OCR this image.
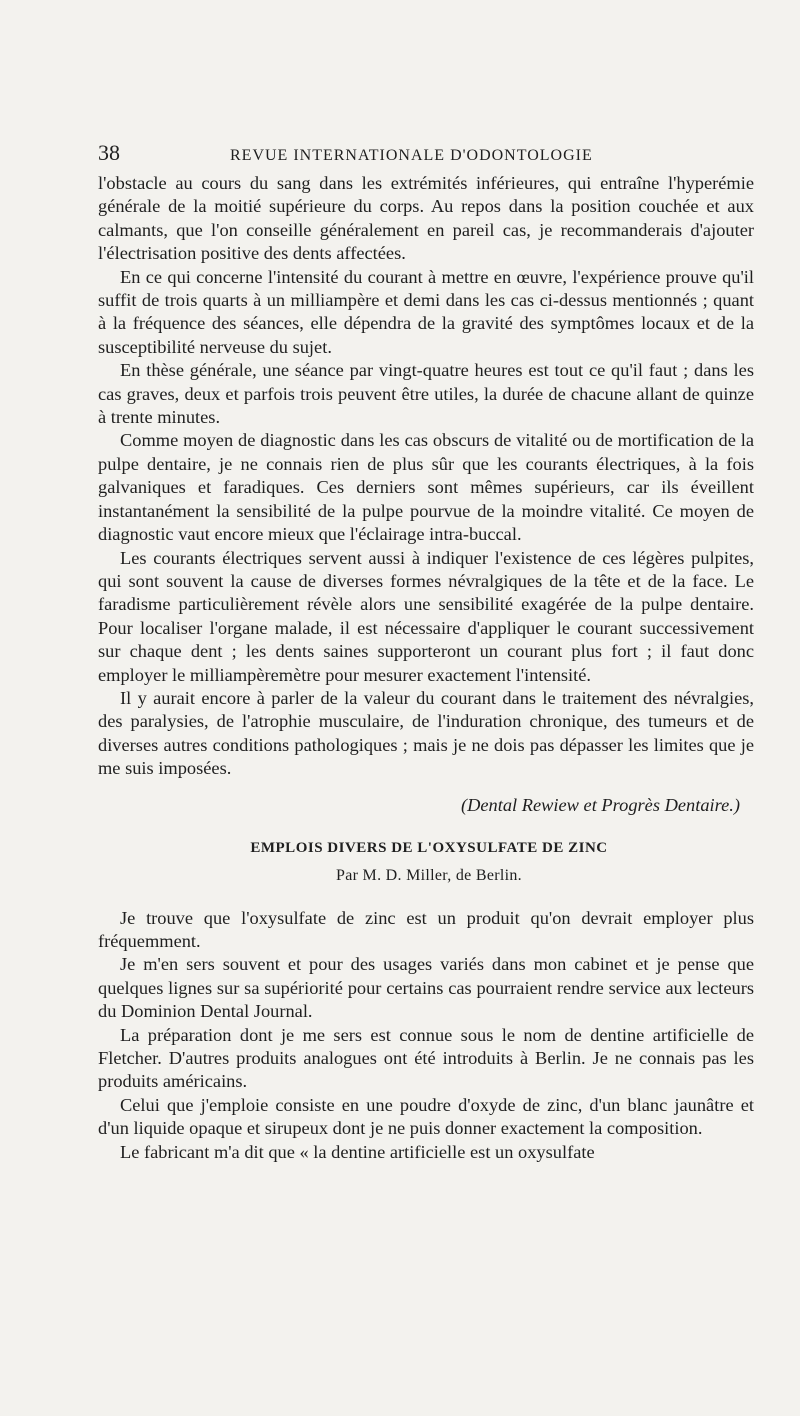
38	REVUE INTERNATIONALE D'ODONTOLOGIE

l'obstacle au cours du sang dans les extrémités inférieures, qui entraîne l'hyperémie générale de la moitié supérieure du corps. Au repos dans la position couchée et aux calmants, que l'on conseille généralement en pareil cas, je recommanderais d'ajouter l'électrisation positive des dents affectées.

En ce qui concerne l'intensité du courant à mettre en œuvre, l'expérience prouve qu'il suffit de trois quarts à un milliampère et demi dans les cas ci-dessus mentionnés ; quant à la fréquence des séances, elle dépendra de la gravité des symptômes locaux et de la susceptibilité nerveuse du sujet.

En thèse générale, une séance par vingt-quatre heures est tout ce qu'il faut ; dans les cas graves, deux et parfois trois peuvent être utiles, la durée de chacune allant de quinze à trente minutes.

Comme moyen de diagnostic dans les cas obscurs de vitalité ou de mortification de la pulpe dentaire, je ne connais rien de plus sûr que les courants électriques, à la fois galvaniques et faradiques. Ces derniers sont mêmes supérieurs, car ils éveillent instantanément la sensibilité de la pulpe pourvue de la moindre vitalité. Ce moyen de diagnostic vaut encore mieux que l'éclairage intra-buccal.

Les courants électriques servent aussi à indiquer l'existence de ces légères pulpites, qui sont souvent la cause de diverses formes névralgiques de la tête et de la face. Le faradisme particulièrement révèle alors une sensibilité exagérée de la pulpe dentaire. Pour localiser l'organe malade, il est nécessaire d'appliquer le courant successivement sur chaque dent ; les dents saines supporteront un courant plus fort ; il faut donc employer le milliampèremètre pour mesurer exactement l'intensité.

Il y aurait encore à parler de la valeur du courant dans le traitement des névralgies, des paralysies, de l'atrophie musculaire, de l'induration chronique, des tumeurs et de diverses autres conditions pathologiques ; mais je ne dois pas dépasser les limites que je me suis imposées.

(Dental Rewiew et Progrès Dentaire.)
EMPLOIS DIVERS DE L'OXYSULFATE DE ZINC
Par M. D. Miller, de Berlin.

Je trouve que l'oxysulfate de zinc est un produit qu'on devrait employer plus fréquemment.

Je m'en sers souvent et pour des usages variés dans mon cabinet et je pense que quelques lignes sur sa supériorité pour certains cas pourraient rendre service aux lecteurs du Dominion Dental Journal.

La préparation dont je me sers est connue sous le nom de dentine artificielle de Fletcher. D'autres produits analogues ont été introduits à Berlin. Je ne connais pas les produits américains.

Celui que j'emploie consiste en une poudre d'oxyde de zinc, d'un blanc jaunâtre et d'un liquide opaque et sirupeux dont je ne puis donner exactement la composition.

Le fabricant m'a dit que « la dentine artificielle est un oxysulfate
